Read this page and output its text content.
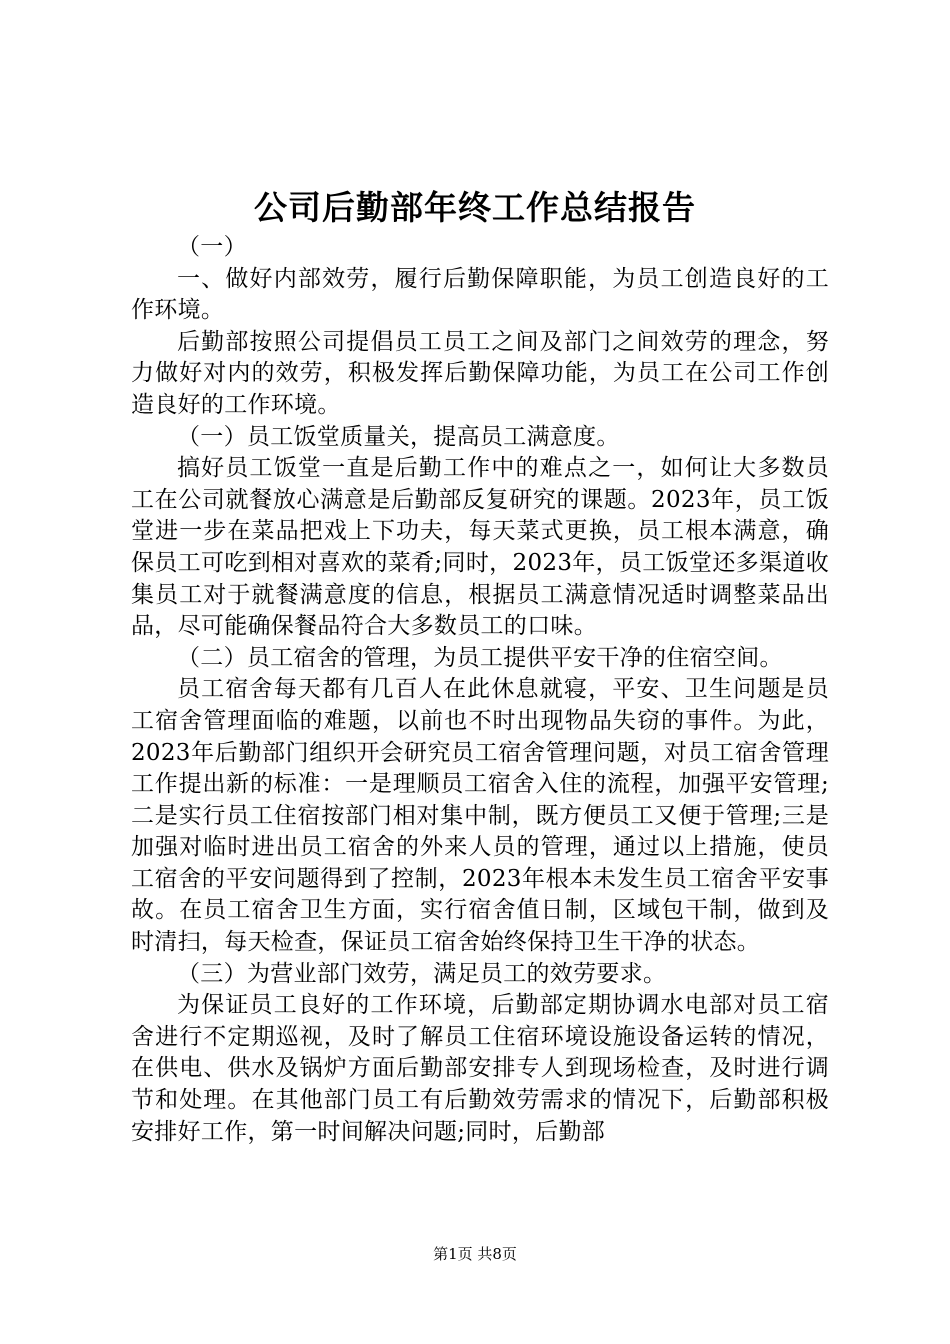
公司后勤部年终工作总结报告

（一）

一、做好内部效劳，履行后勤保障职能，为员工创造良好的工作环境。

后勤部按照公司提倡员工员工之间及部门之间效劳的理念，努力做好对内的效劳，积极发挥后勤保障功能，为员工在公司工作创造良好的工作环境。

（一）员工饭堂质量关，提高员工满意度。

搞好员工饭堂一直是后勤工作中的难点之一，如何让大多数员工在公司就餐放心满意是后勤部反复研究的课题。2023年，员工饭堂进一步在菜品把戏上下功夫，每天菜式更换，员工根本满意，确保员工可吃到相对喜欢的菜肴;同时，2023年，员工饭堂还多渠道收集员工对于就餐满意度的信息，根据员工满意情况适时调整菜品出品，尽可能确保餐品符合大多数员工的口味。

（二）员工宿舍的管理，为员工提供平安干净的住宿空间。

员工宿舍每天都有几百人在此休息就寝，平安、卫生问题是员工宿舍管理面临的难题，以前也不时出现物品失窃的事件。为此，2023年后勤部门组织开会研究员工宿舍管理问题，对员工宿舍管理工作提出新的标准：一是理顺员工宿舍入住的流程，加强平安管理;二是实行员工住宿按部门相对集中制，既方便员工又便于管理;三是加强对临时进出员工宿舍的外来人员的管理，通过以上措施，使员工宿舍的平安问题得到了控制，2023年根本未发生员工宿舍平安事故。在员工宿舍卫生方面，实行宿舍值日制，区域包干制，做到及时清扫，每天检查，保证员工宿舍始终保持卫生干净的状态。

（三）为营业部门效劳，满足员工的效劳要求。

为保证员工良好的工作环境，后勤部定期协调水电部对员工宿舍进行不定期巡视，及时了解员工住宿环境设施设备运转的情况，在供电、供水及锅炉方面后勤部安排专人到现场检查，及时进行调节和处理。在其他部门员工有后勤效劳需求的情况下，后勤部积极安排好工作，第一时间解决问题;同时，后勤部

第1页 共8页
